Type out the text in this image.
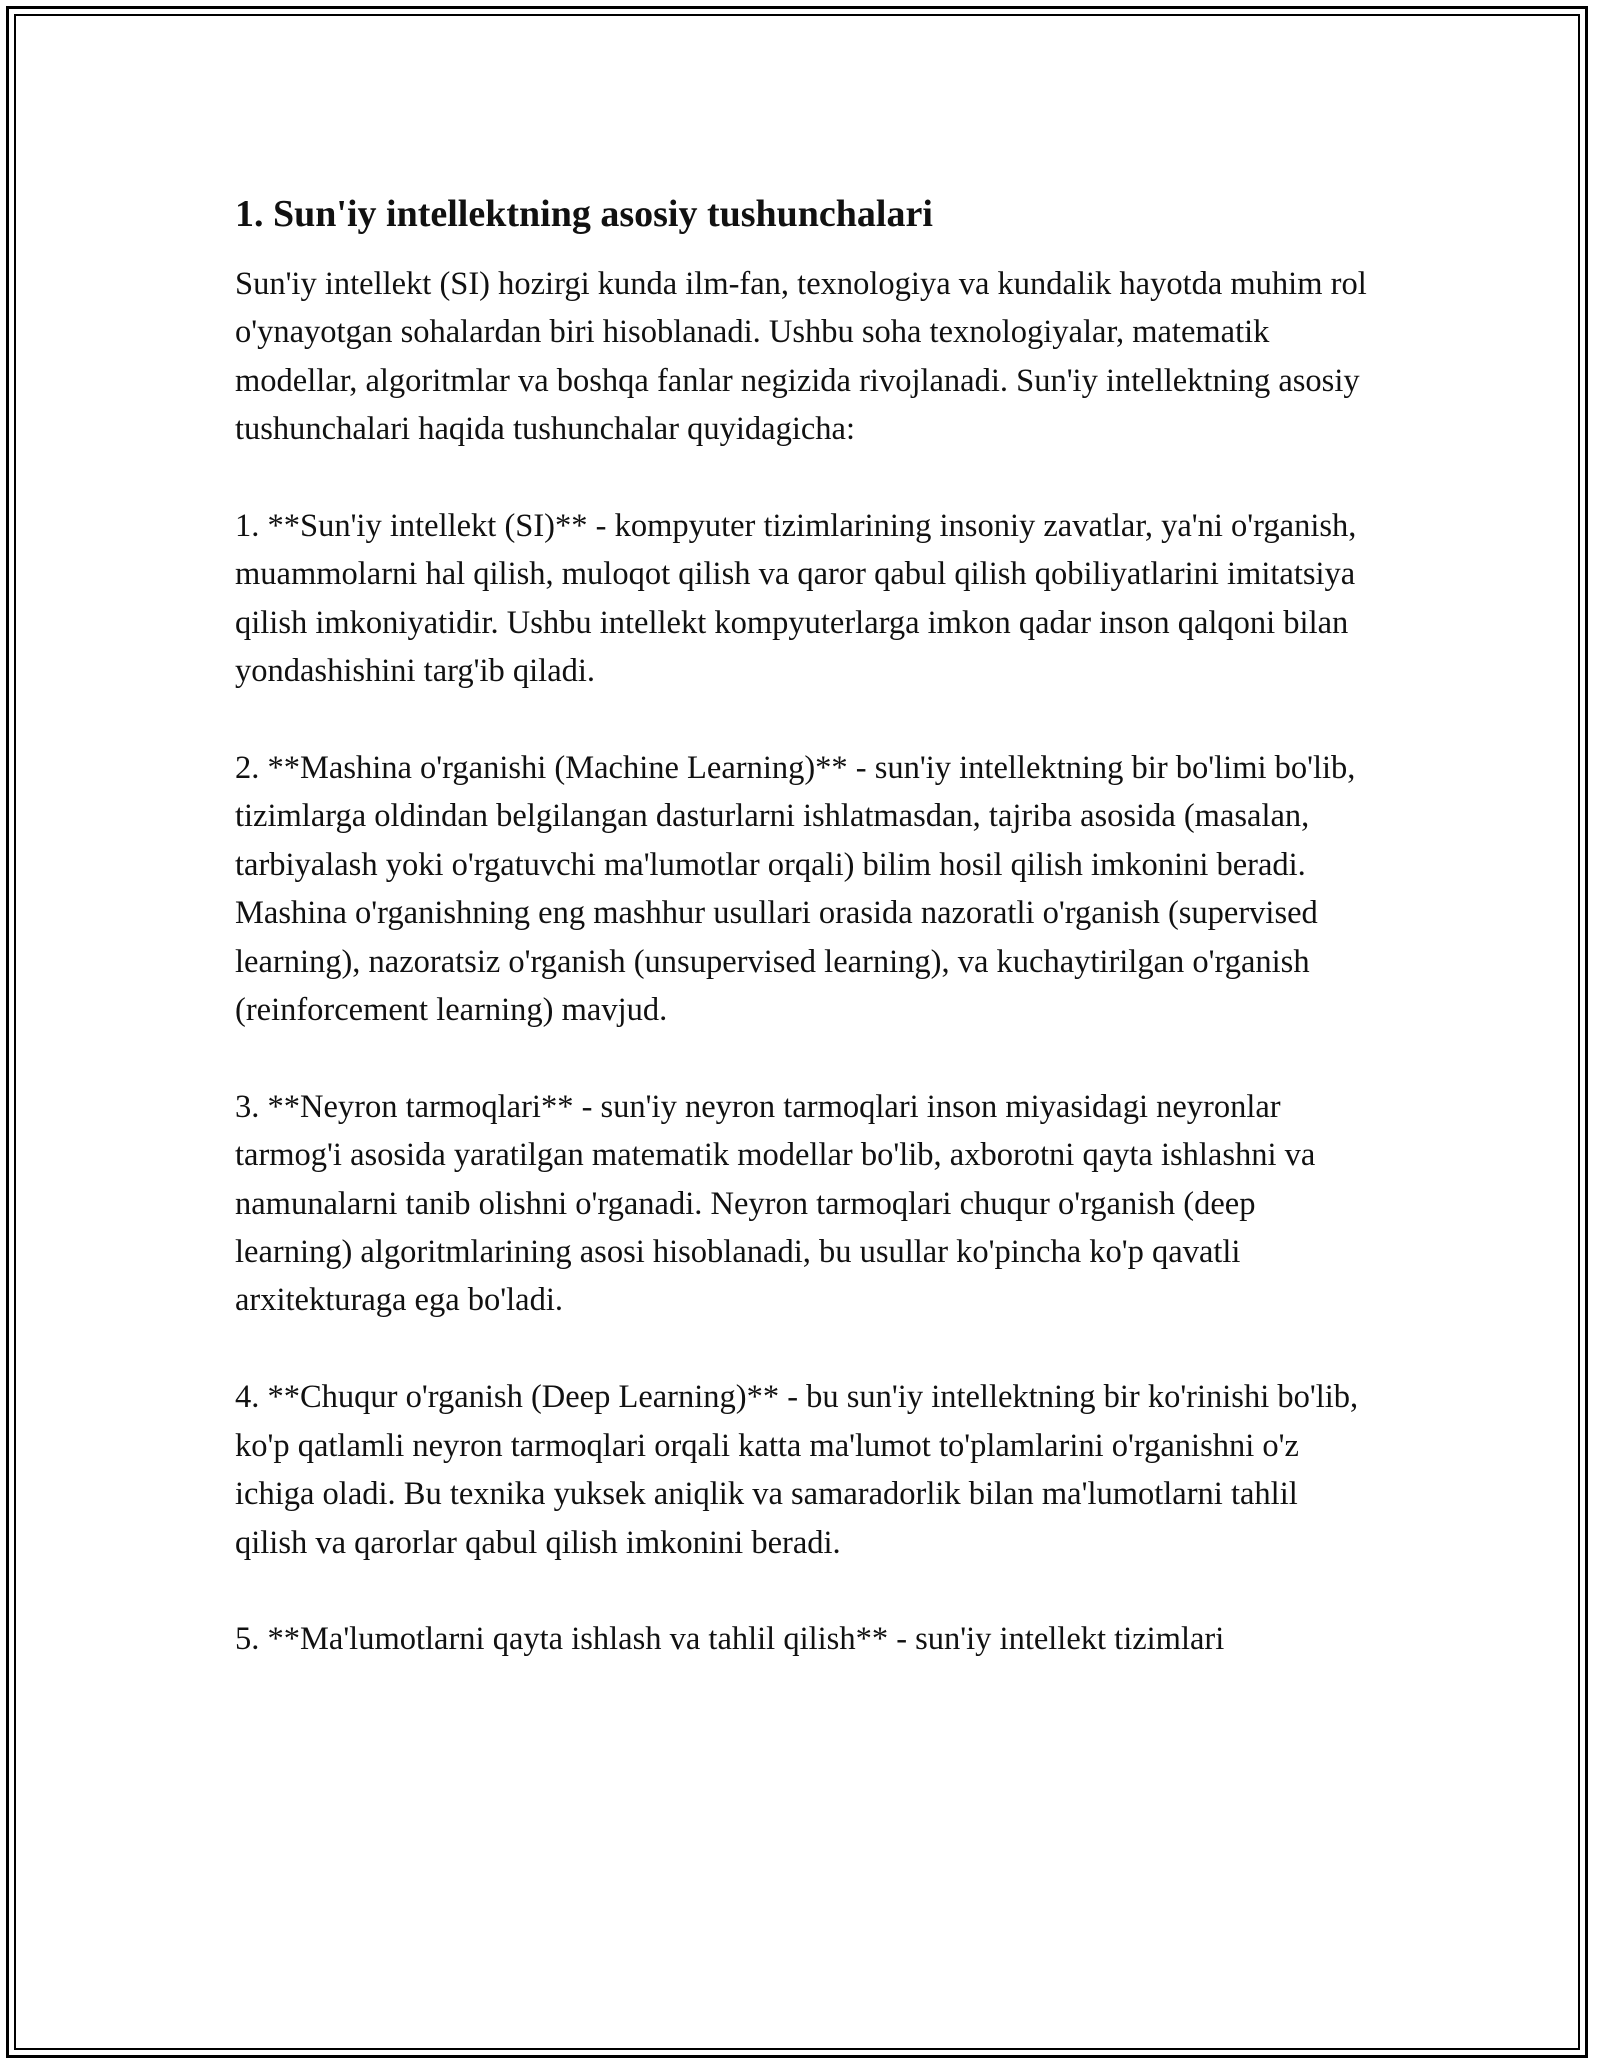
1. Sun'iy intellektning asosiy tushunchalari

Sun'iy intellekt (SI) hozirgi kunda ilm-fan, texnologiya va kundalik hayotda muhim rol o'ynayotgan sohalardan biri hisoblanadi. Ushbu soha texnologiyalar, matematik modellar, algoritmlar va boshqa fanlar negizida rivojlanadi. Sun'iy intellektning asosiy tushunchalari haqida tushunchalar quyidagicha:

1. **Sun'iy intellekt (SI)** - kompyuter tizimlarining insoniy zavatlar, ya'ni o'rganish, muammolarni hal qilish, muloqot qilish va qaror qabul qilish qobiliyatlarini imitatsiya qilish imkoniyatidir. Ushbu intellekt kompyuterlarga imkon qadar inson qalqoni bilan yondashishini targ'ib qiladi.

2. **Mashina o'rganishi (Machine Learning)** - sun'iy intellektning bir bo'limi bo'lib, tizimlarga oldindan belgilangan dasturlarni ishlatmasdan, tajriba asosida (masalan, tarbiyalash yoki o'rgatuvchi ma'lumotlar orqali) bilim hosil qilish imkonini beradi. Mashina o'rganishning eng mashhur usullari orasida nazoratli o'rganish (supervised learning), nazoratsiz o'rganish (unsupervised learning), va kuchaytirilgan o'rganish (reinforcement learning) mavjud.

3. **Neyron tarmoqlari** - sun'iy neyron tarmoqlari inson miyasidagi neyronlar tarmog'i asosida yaratilgan matematik modellar bo'lib, axborotni qayta ishlashni va namunalarni tanib olishni o'rganadi. Neyron tarmoqlari chuqur o'rganish (deep learning) algoritmlarining asosi hisoblanadi, bu usullar ko'pincha ko'p qavatli arxitekturaga ega bo'ladi.

4. **Chuqur o'rganish (Deep Learning)** - bu sun'iy intellektning bir ko'rinishi bo'lib, ko'p qatlamli neyron tarmoqlari orqali katta ma'lumot to'plamlarini o'rganishni o'z ichiga oladi. Bu texnika yuksek aniqlik va samaradorlik bilan ma'lumotlarni tahlil qilish va qarorlar qabul qilish imkonini beradi.

5. **Ma'lumotlarni qayta ishlash va tahlil qilish** - sun'iy intellekt tizimlari
